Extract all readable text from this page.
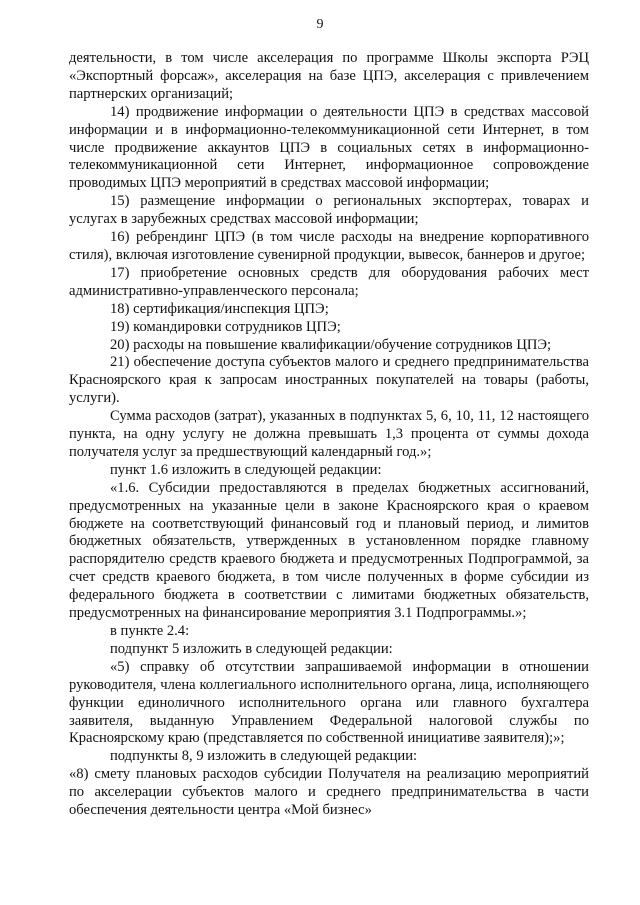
9

деятельности, в том числе акселерация по программе Школы экспорта РЭЦ «Экспортный форсаж», акселерация на базе ЦПЭ, акселерация с привлечением партнерских организаций;

14) продвижение информации о деятельности ЦПЭ в средствах массовой информации и в информационно-телекоммуникационной сети Интернет, в том числе продвижение аккаунтов ЦПЭ в социальных сетях в информационно-телекоммуникационной сети Интернет, информационное сопровождение проводимых ЦПЭ мероприятий в средствах массовой информации;

15) размещение информации о региональных экспортерах, товарах и услугах в зарубежных средствах массовой информации;

16) ребрендинг ЦПЭ (в том числе расходы на внедрение корпоративного стиля), включая изготовление сувенирной продукции, вывесок, баннеров и другое;

17) приобретение основных средств для оборудования рабочих мест административно-управленческого персонала;

18) сертификация/инспекция ЦПЭ;

19) командировки сотрудников ЦПЭ;

20) расходы на повышение квалификации/обучение сотрудников ЦПЭ;

21) обеспечение доступа субъектов малого и среднего предпринимательства Красноярского края к запросам иностранных покупателей на товары (работы, услуги).

Сумма расходов (затрат), указанных в подпунктах 5, 6, 10, 11, 12 настоящего пункта, на одну услугу не должна превышать 1,3 процента от суммы дохода получателя услуг за предшествующий календарный год.»;

пункт 1.6 изложить в следующей редакции:

«1.6. Субсидии предоставляются в пределах бюджетных ассигнований, предусмотренных на указанные цели в законе Красноярского края о краевом бюджете на соответствующий финансовый год и плановый период, и лимитов бюджетных обязательств, утвержденных в установленном порядке главному распорядителю средств краевого бюджета и предусмотренных Подпрограммой, за счет средств краевого бюджета, в том числе полученных в форме субсидии из федерального бюджета в соответствии с лимитами бюджетных обязательств, предусмотренных на финансирование мероприятия 3.1 Подпрограммы.»;

в пункте 2.4:

подпункт 5 изложить в следующей редакции:

«5) справку об отсутствии запрашиваемой информации в отношении руководителя, члена коллегиального исполнительного органа, лица, исполняющего функции единоличного исполнительного органа или главного бухгалтера заявителя, выданную Управлением Федеральной налоговой службы по Красноярскому краю (представляется по собственной инициативе заявителя);»;

подпункты 8, 9 изложить в следующей редакции:

«8) смету плановых расходов субсидии Получателя на реализацию мероприятий по акселерации субъектов малого и среднего предпринимательства в части обеспечения деятельности центра «Мой бизнес»
